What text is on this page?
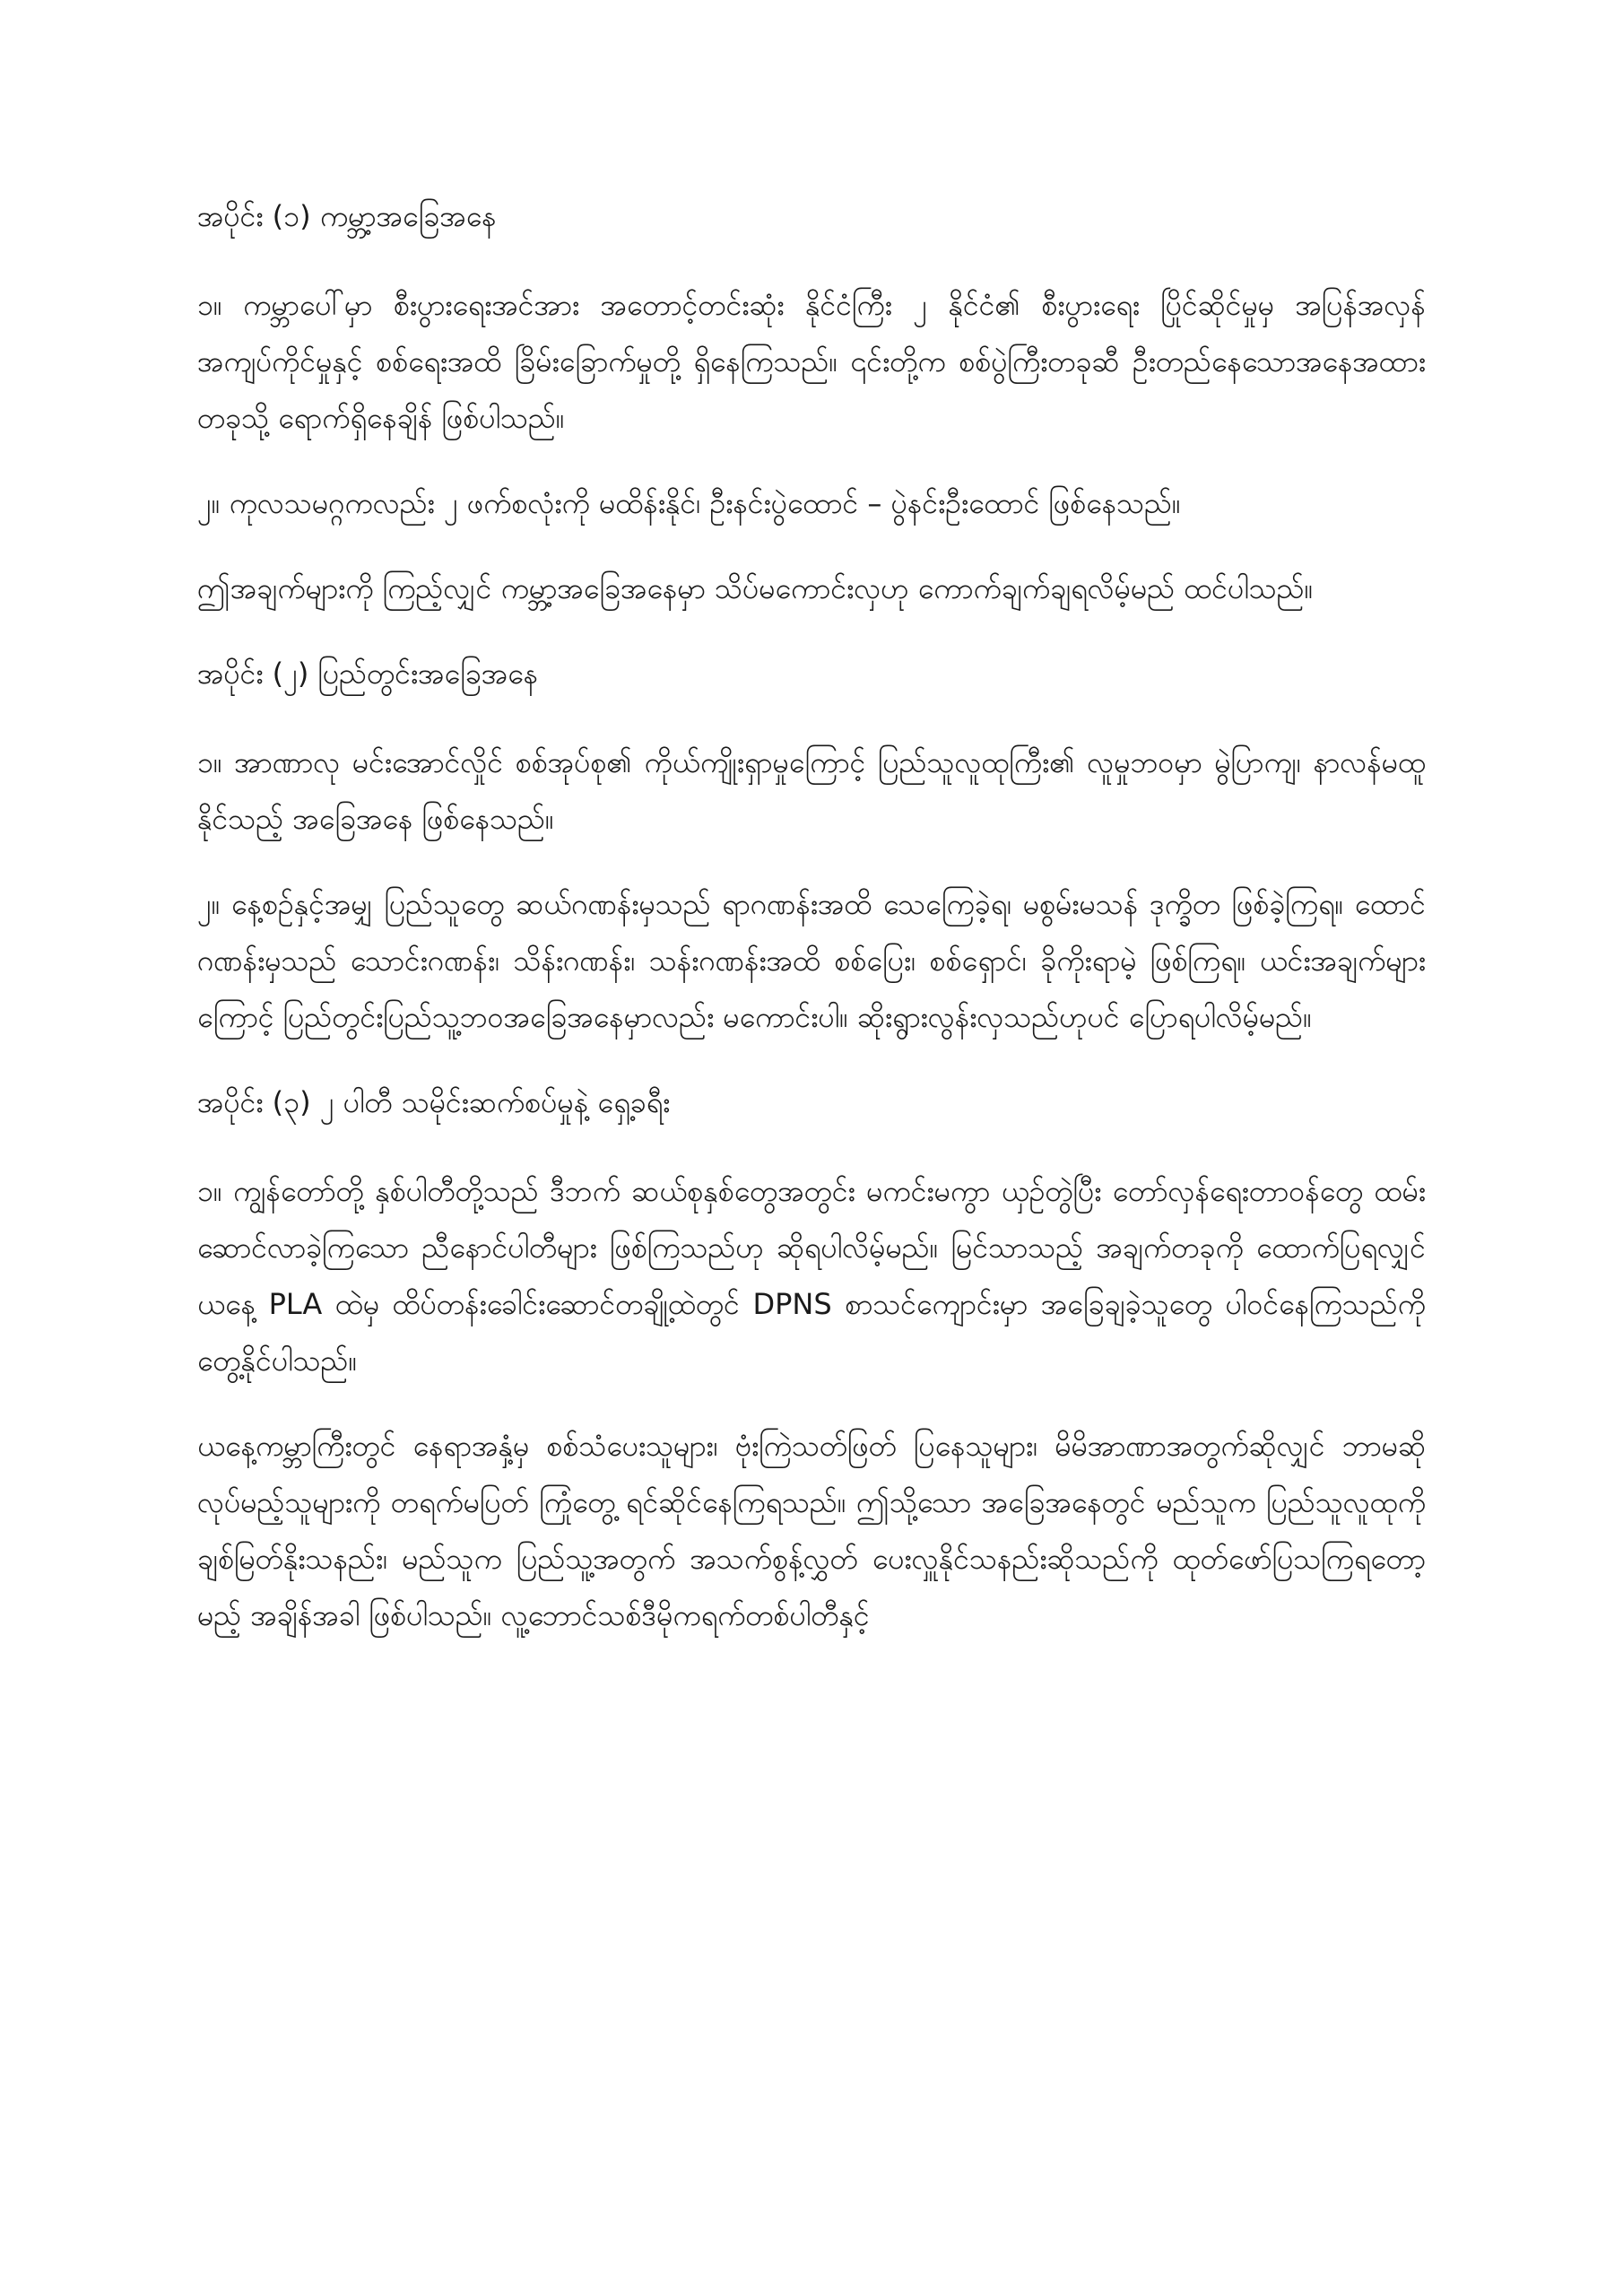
အပိုင်း (၁) ကမ္ဘာ့အခြေအနေ

၁။ ကမ္ဘာပေါ်မှာ စီးပွားရေးအင်အား အတောင့်တင်းဆုံး နိုင်ငံကြီး ၂ နိုင်ငံ၏ စီးပွားရေး ပြိုင်ဆိုင်မှုမှ အပြန်အလှန် အကျပ်ကိုင်မှုနှင့် စစ်ရေးအထိ ခြိမ်းခြောက်မှုတို့ ရှိနေကြသည်။ ၎င်းတို့က စစ်ပွဲကြီးတခုဆီ ဦးတည်နေသောအနေအထားတခုသို့ ရောက်ရှိနေချိန် ဖြစ်ပါသည်။

၂။ ကုလသမဂ္ဂကလည်း ၂ ဖက်စလုံးကို မထိန်းနိုင်၊ ဦးနင်းပွဲထောင် – ပွဲနင်းဦးထောင် ဖြစ်နေသည်။

ဤအချက်များကို ကြည့်လျှင် ကမ္ဘာ့အခြေအနေမှာ သိပ်မကောင်းလှဟု ကောက်ချက်ချရလိမ့်မည် ထင်ပါသည်။

အပိုင်း (၂) ပြည်တွင်းအခြေအနေ

၁။ အာဏာလု မင်းအောင်လှိုင် စစ်အုပ်စု၏ ကိုယ်ကျိုးရှာမှုကြောင့် ပြည်သူလူထုကြီး၏ လူမှုဘဝမှာ မွဲပြာကျ၊ နာလန်မထူနိုင်သည့် အခြေအနေ ဖြစ်နေသည်။

၂။ နေ့စဉ်နှင့်အမျှ ပြည်သူတွေ ဆယ်ဂဏန်းမှသည် ရာဂဏန်းအထိ သေကြေခဲ့ရ၊ မစွမ်းမသန် ဒုက္ခိတ ဖြစ်ခဲ့ကြရ။ ထောင်ဂဏန်းမှသည် သောင်းဂဏန်း၊ သိန်းဂဏန်း၊ သန်းဂဏန်းအထိ စစ်ပြေး၊ စစ်ရှောင်၊ ခိုကိုးရာမဲ့ ဖြစ်ကြရ။ ယင်းအချက်များကြောင့် ပြည်တွင်းပြည်သူ့ဘဝအခြေအနေမှာလည်း မကောင်းပါ။ ဆိုးရွားလွန်းလှသည်ဟုပင် ပြောရပါလိမ့်မည်။

အပိုင်း (၃) ၂ ပါတီ သမိုင်းဆက်စပ်မှုနဲ့ ရှေ့ခရီး

၁။ ကျွန်တော်တို့ နှစ်ပါတီတို့သည် ဒီဘက် ဆယ်စုနှစ်တွေအတွင်း မကင်းမကွာ ယှဉ်တွဲပြီး တော်လှန်ရေးတာဝန်တွေ ထမ်းဆောင်လာခဲ့ကြသော ညီနောင်ပါတီများ ဖြစ်ကြသည်ဟု ဆိုရပါလိမ့်မည်။ မြင်သာသည့် အချက်တခုကို ထောက်ပြရလျှင် ယနေ့ PLA ထဲမှ ထိပ်တန်းခေါင်းဆောင်တချို့ထဲတွင် DPNS စာသင်ကျောင်းမှာ အခြေချခဲ့သူတွေ ပါဝင်နေကြသည်ကို တွေ့နိုင်ပါသည်။

ယနေ့ကမ္ဘာကြီးတွင် နေရာအနှံ့မှ စစ်သံပေးသူများ၊ ဗုံးကြဲသတ်ဖြတ် ပြနေသူများ၊ မိမိအာဏာအတွက်ဆိုလျှင် ဘာမဆို လုပ်မည့်သူများကို တရက်မပြတ် ကြုံတွေ့ ရင်ဆိုင်နေကြရသည်။ ဤသို့သော အခြေအနေတွင် မည်သူက ပြည်သူလူထုကို ချစ်မြတ်နိုးသနည်း၊ မည်သူက ပြည်သူ့အတွက် အသက်စွန့်လွှတ် ပေးလှူနိုင်သနည်းဆိုသည်ကို ထုတ်ဖော်ပြသကြရတော့မည့် အချိန်အခါ ဖြစ်ပါသည်။ လူ့ဘောင်သစ်ဒီမိုကရက်တစ်ပါတီနှင့်
